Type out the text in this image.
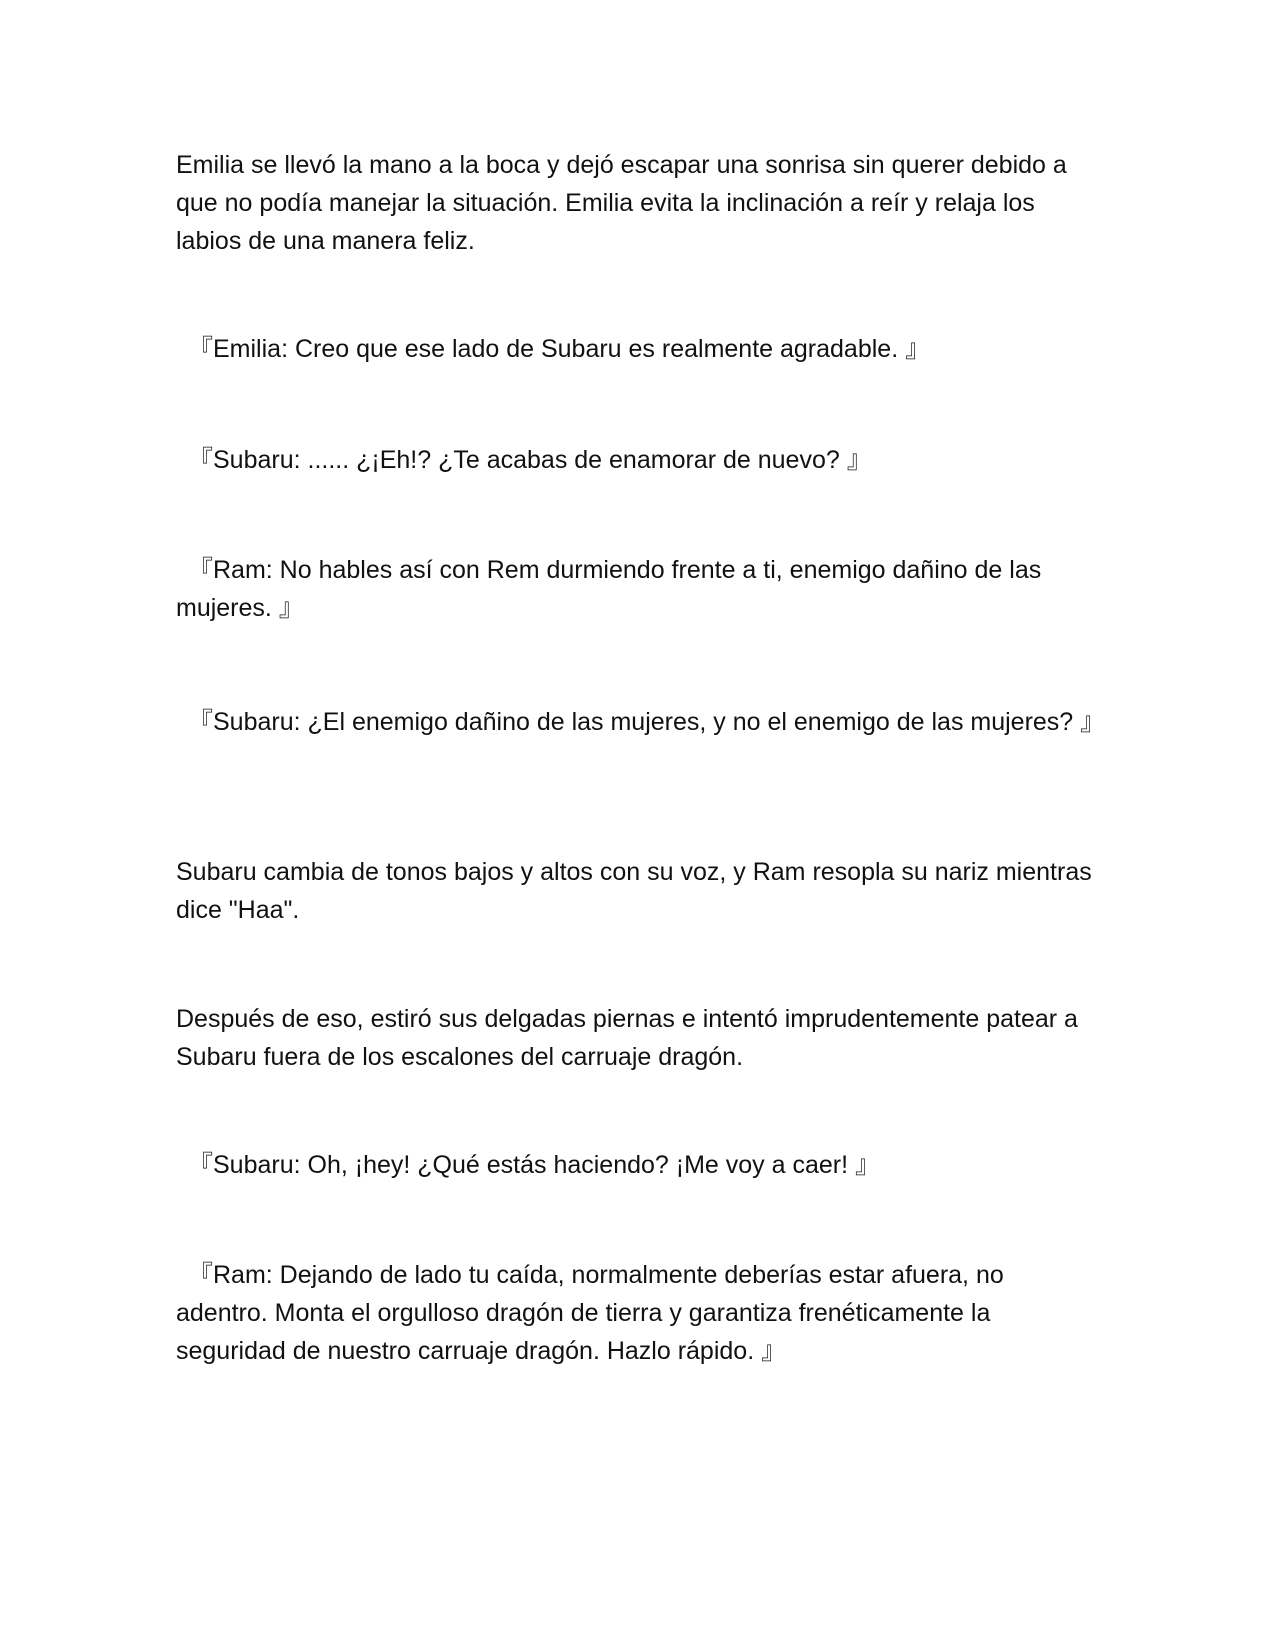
Emilia se llevó la mano a la boca y dejó escapar una sonrisa sin querer debido a que no podía manejar la situación. Emilia evita la inclinación a reír y relaja los labios de una manera feliz.

『Emilia: Creo que ese lado de Subaru es realmente agradable. 』

『Subaru: ...... ¿¡Eh!? ¿Te acabas de enamorar de nuevo? 』

『Ram: No hables así con Rem durmiendo frente a ti, enemigo dañino de las mujeres. 』

『Subaru: ¿El enemigo dañino de las mujeres, y no el enemigo de las mujeres? 』

Subaru cambia de tonos bajos y altos con su voz, y Ram resopla su nariz mientras dice "Haa".

Después de eso, estiró sus delgadas piernas e intentó imprudentemente patear a Subaru fuera de los escalones del carruaje dragón.

『Subaru: Oh, ¡hey! ¿Qué estás haciendo? ¡Me voy a caer! 』

『Ram: Dejando de lado tu caída, normalmente deberías estar afuera, no adentro. Monta el orgulloso dragón de tierra y garantiza frenéticamente la seguridad de nuestro carruaje dragón. Hazlo rápido. 』
